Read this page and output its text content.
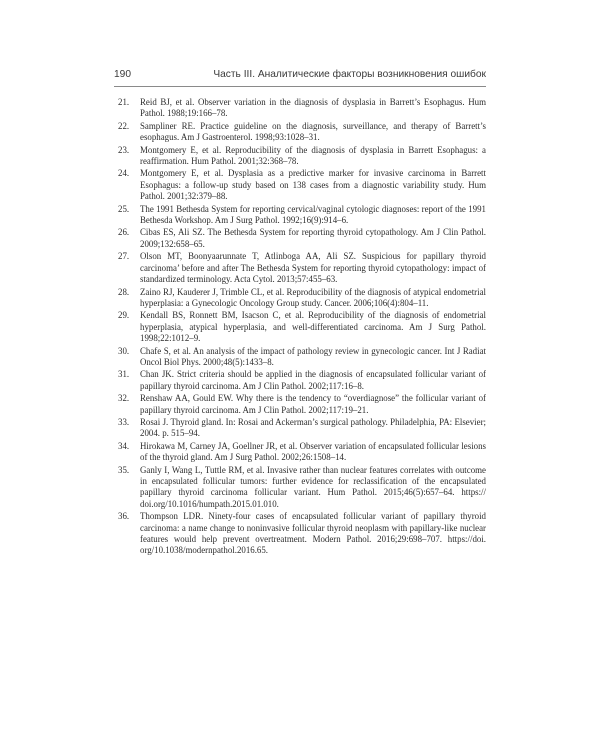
190	Часть III. Аналитические факторы возникновения ошибок
21. Reid BJ, et al. Observer variation in the diagnosis of dysplasia in Barrett’s Esophagus. Hum Pathol. 1988;19:166–78.
22. Sampliner RE. Practice guideline on the diagnosis, surveillance, and therapy of Barrett’s esophagus. Am J Gastroenterol. 1998;93:1028–31.
23. Montgomery E, et al. Reproducibility of the diagnosis of dysplasia in Barrett Esophagus: a reaffirmation. Hum Pathol. 2001;32:368–78.
24. Montgomery E, et al. Dysplasia as a predictive marker for invasive carcinoma in Barrett Esophagus: a follow-up study based on 138 cases from a diagnostic variability study. Hum Pathol. 2001;32:379–88.
25. The 1991 Bethesda System for reporting cervical/vaginal cytologic diagnoses: report of the 1991 Bethesda Workshop. Am J Surg Pathol. 1992;16(9):914–6.
26. Cibas ES, Ali SZ. The Bethesda System for reporting thyroid cytopathology. Am J Clin Pathol. 2009;132:658–65.
27. Olson MT, Boonyaarunnate T, Atlinboga AA, Ali SZ. Suspicious for papillary thyroid carcinoma’ before and after The Bethesda System for reporting thyroid cytopathology: impact of standardized terminology. Acta Cytol. 2013;57:455–63.
28. Zaino RJ, Kauderer J, Trimble CL, et al. Reproducibility of the diagnosis of atypical endometrial hyperplasia: a Gynecologic Oncology Group study. Cancer. 2006;106(4):804–11.
29. Kendall BS, Ronnett BM, Isacson C, et al. Reproducibility of the diagnosis of endometrial hyperplasia, atypical hyperplasia, and well-differentiated carcinoma. Am J Surg Pathol. 1998;22:1012–9.
30. Chafe S, et al. An analysis of the impact of pathology review in gynecologic cancer. Int J Radiat Oncol Biol Phys. 2000;48(5):1433–8.
31. Chan JK. Strict criteria should be applied in the diagnosis of encapsulated follicular variant of papillary thyroid carcinoma. Am J Clin Pathol. 2002;117:16–8.
32. Renshaw AA, Gould EW. Why there is the tendency to “overdiagnose” the follicular variant of papillary thyroid carcinoma. Am J Clin Pathol. 2002;117:19–21.
33. Rosai J. Thyroid gland. In: Rosai and Ackerman’s surgical pathology. Philadelphia, PA: Elsevier; 2004. p. 515–94.
34. Hirokawa M, Carney JA, Goellner JR, et al. Observer variation of encapsulated follicular lesions of the thyroid gland. Am J Surg Pathol. 2002;26:1508–14.
35. Ganly I, Wang L, Tuttle RM, et al. Invasive rather than nuclear features correlates with outcome in encapsulated follicular tumors: further evidence for reclassification of the encapsulated papillary thyroid carcinoma follicular variant. Hum Pathol. 2015;46(5):657–64. https:// doi.org/10.1016/humpath.2015.01.010.
36. Thompson LDR. Ninety-four cases of encapsulated follicular variant of papillary thyroid carcinoma: a name change to noninvasive follicular thyroid neoplasm with papillary-like nuclear features would help prevent overtreatment. Modern Pathol. 2016;29:698–707. https://doi. org/10.1038/modernpathol.2016.65.
